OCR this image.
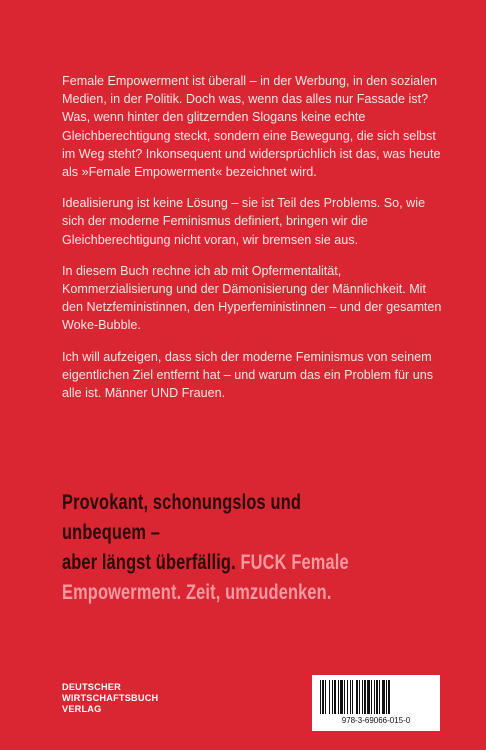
Female Empowerment ist überall – in der Werbung, in den sozialen Medien, in der Politik. Doch was, wenn das alles nur Fassade ist? Was, wenn hinter den glitzernden Slogans keine echte Gleichberechtigung steckt, sondern eine Bewegung, die sich selbst im Weg steht? Inkonsequent und widersprüchlich ist das, was heute als »Female Empowerment« bezeichnet wird.

Idealisierung ist keine Lösung – sie ist Teil des Problems. So, wie sich der moderne Feminismus definiert, bringen wir die Gleichberechtigung nicht voran, wir bremsen sie aus.

In diesem Buch rechne ich ab mit Opfermentalität, Kommerzialisierung und der Dämonisierung der Männlichkeit. Mit den Netzfeministinnen, den Hyperfeministinnen – und der gesamten Woke-Bubble.

Ich will aufzeigen, dass sich der moderne Feminismus von seinem eigentlichen Ziel entfernt hat – und warum das ein Problem für uns alle ist. Männer UND Frauen.

Provokant, schonungslos und unbequem –
aber längst überfällig. FUCK Female
Empowerment. Zeit, umzudenken.
DEUTSCHER
WIRTSCHAFTSBUCH
VERLAG
978-3-69066-015-0
